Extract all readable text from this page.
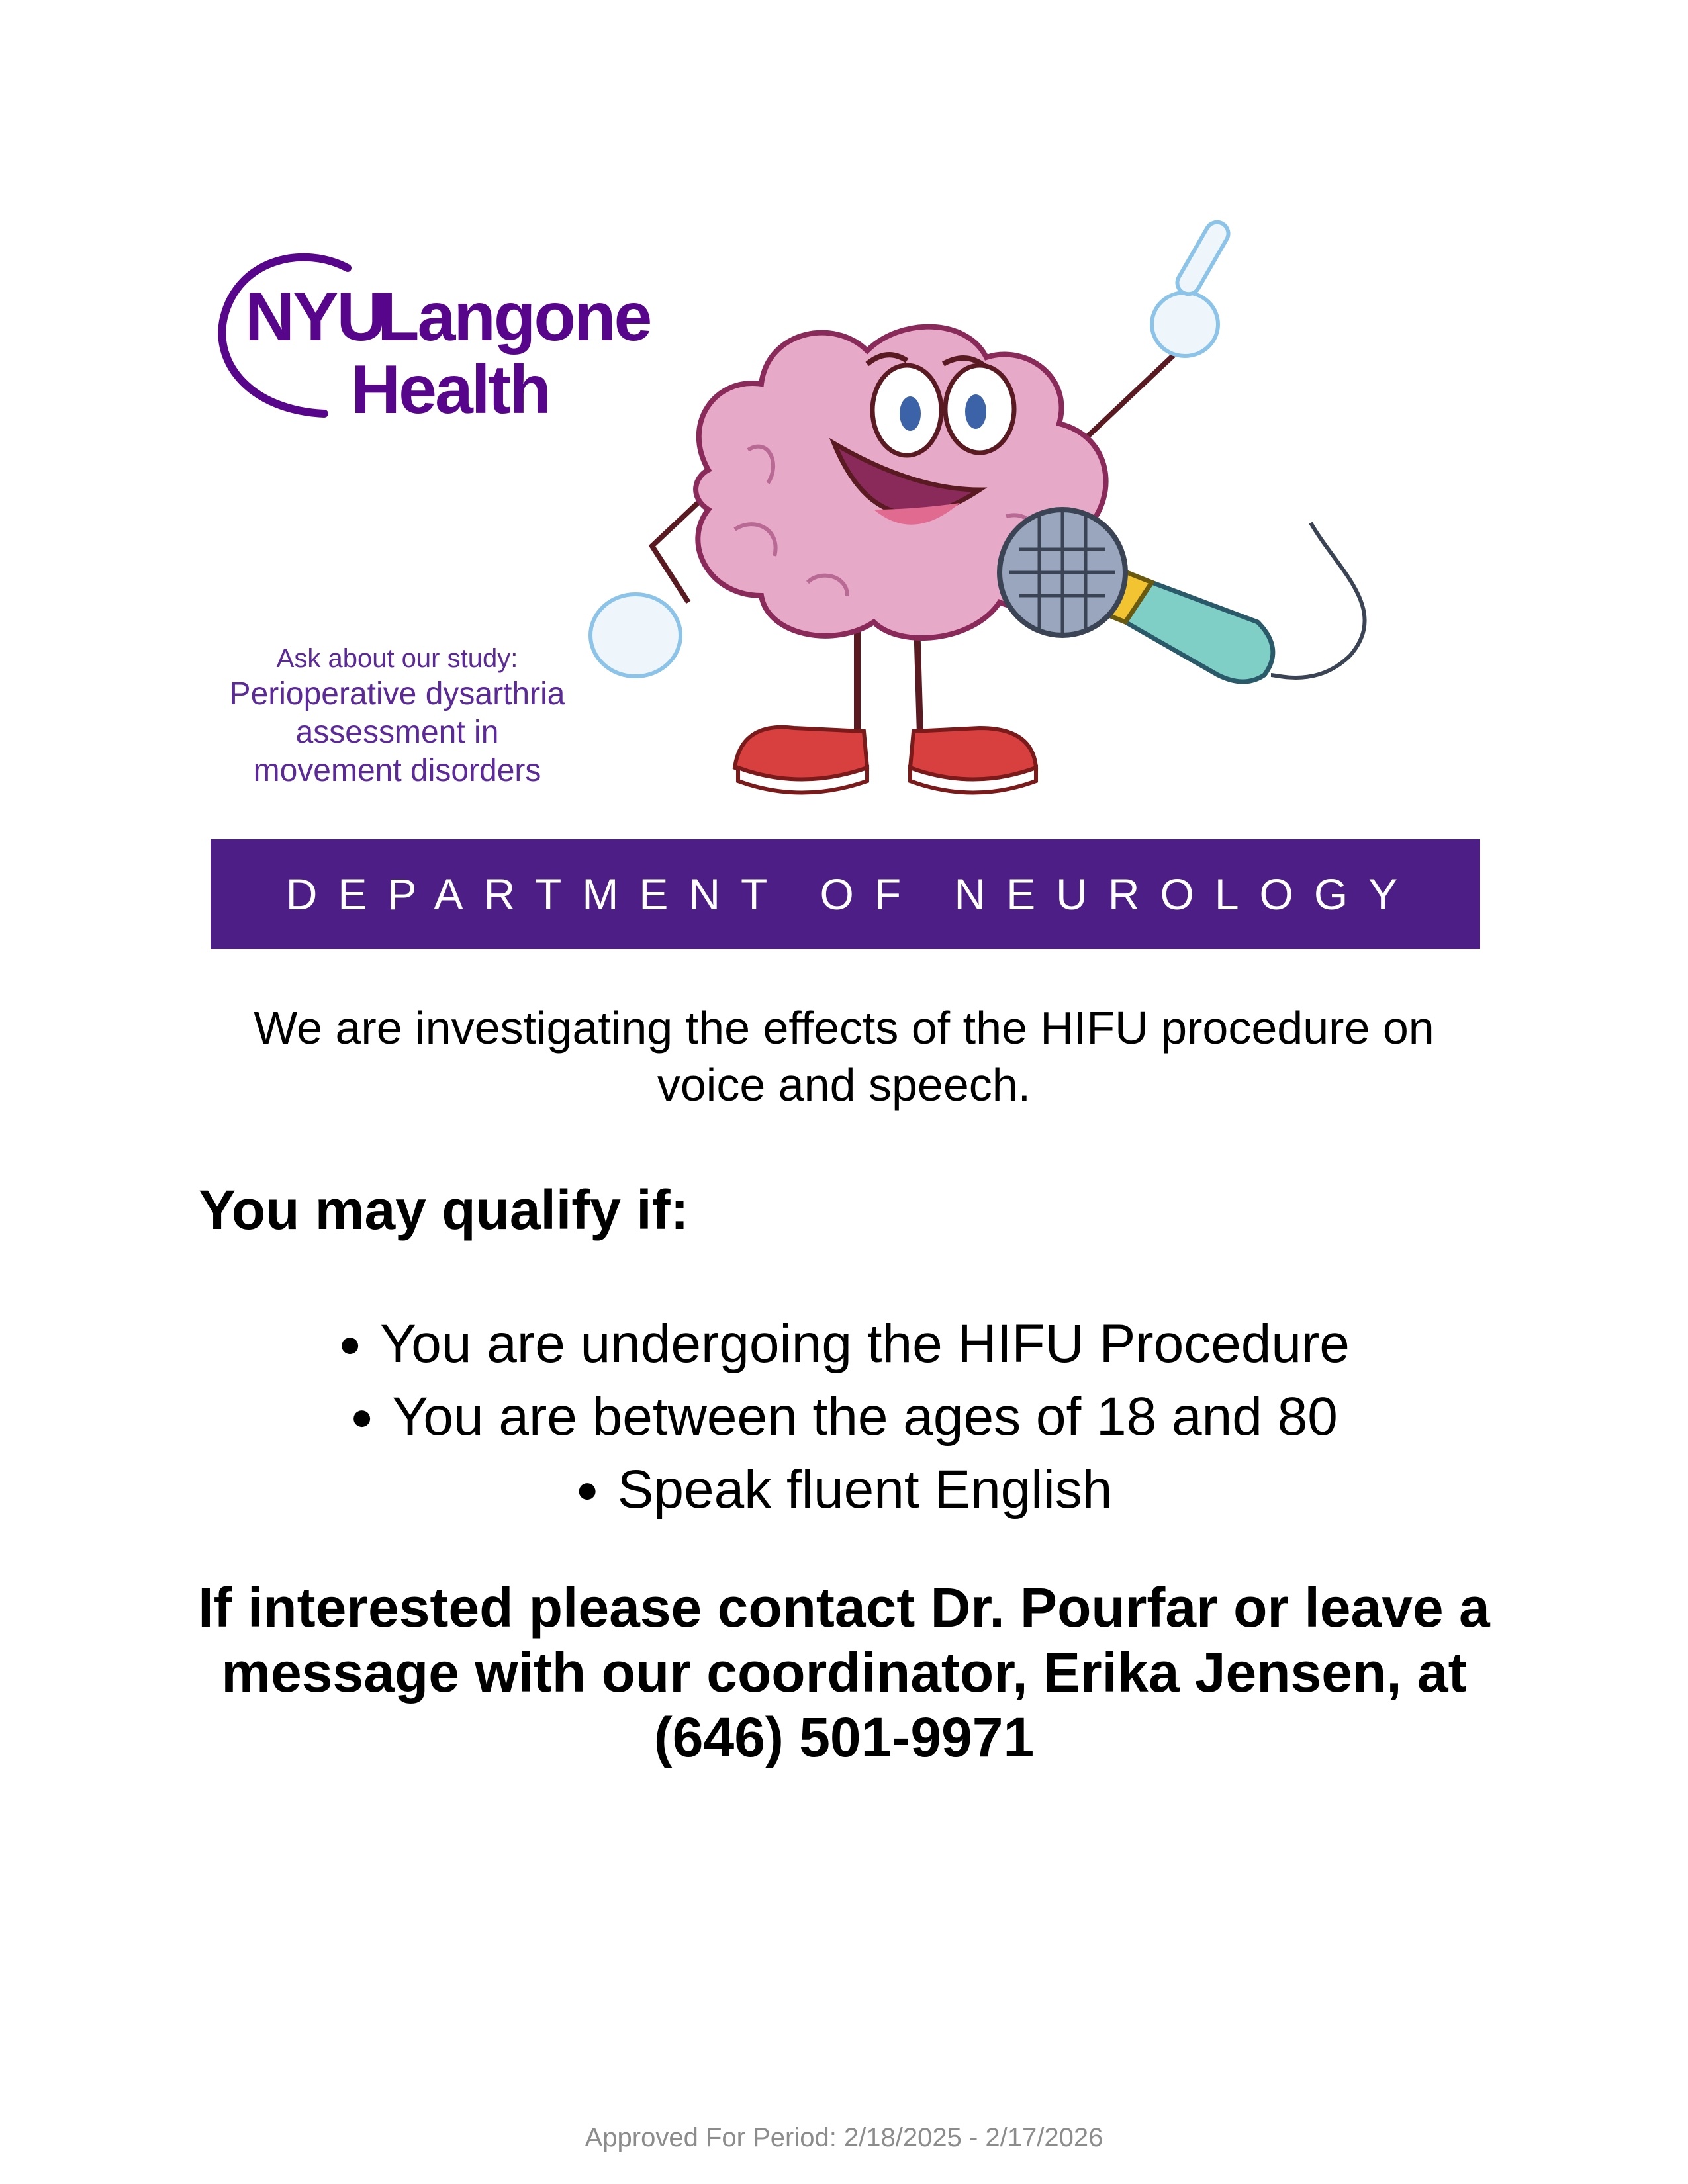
NYU
Langone
Health
Ask about our study:
Perioperative dysarthria
assessment in
movement disorders
DEPARTMENT OF NEUROLOGY
We are investigating the effects of the HIFU procedure on
voice and speech.
You may qualify if:
● You are undergoing the HIFU Procedure
● You are between the ages of 18 and 80
● Speak fluent English
If interested please contact Dr. Pourfar or leave a
message with our coordinator, Erika Jensen, at
(646) 501-9971
Approved For Period: 2/18/2025 - 2/17/2026
